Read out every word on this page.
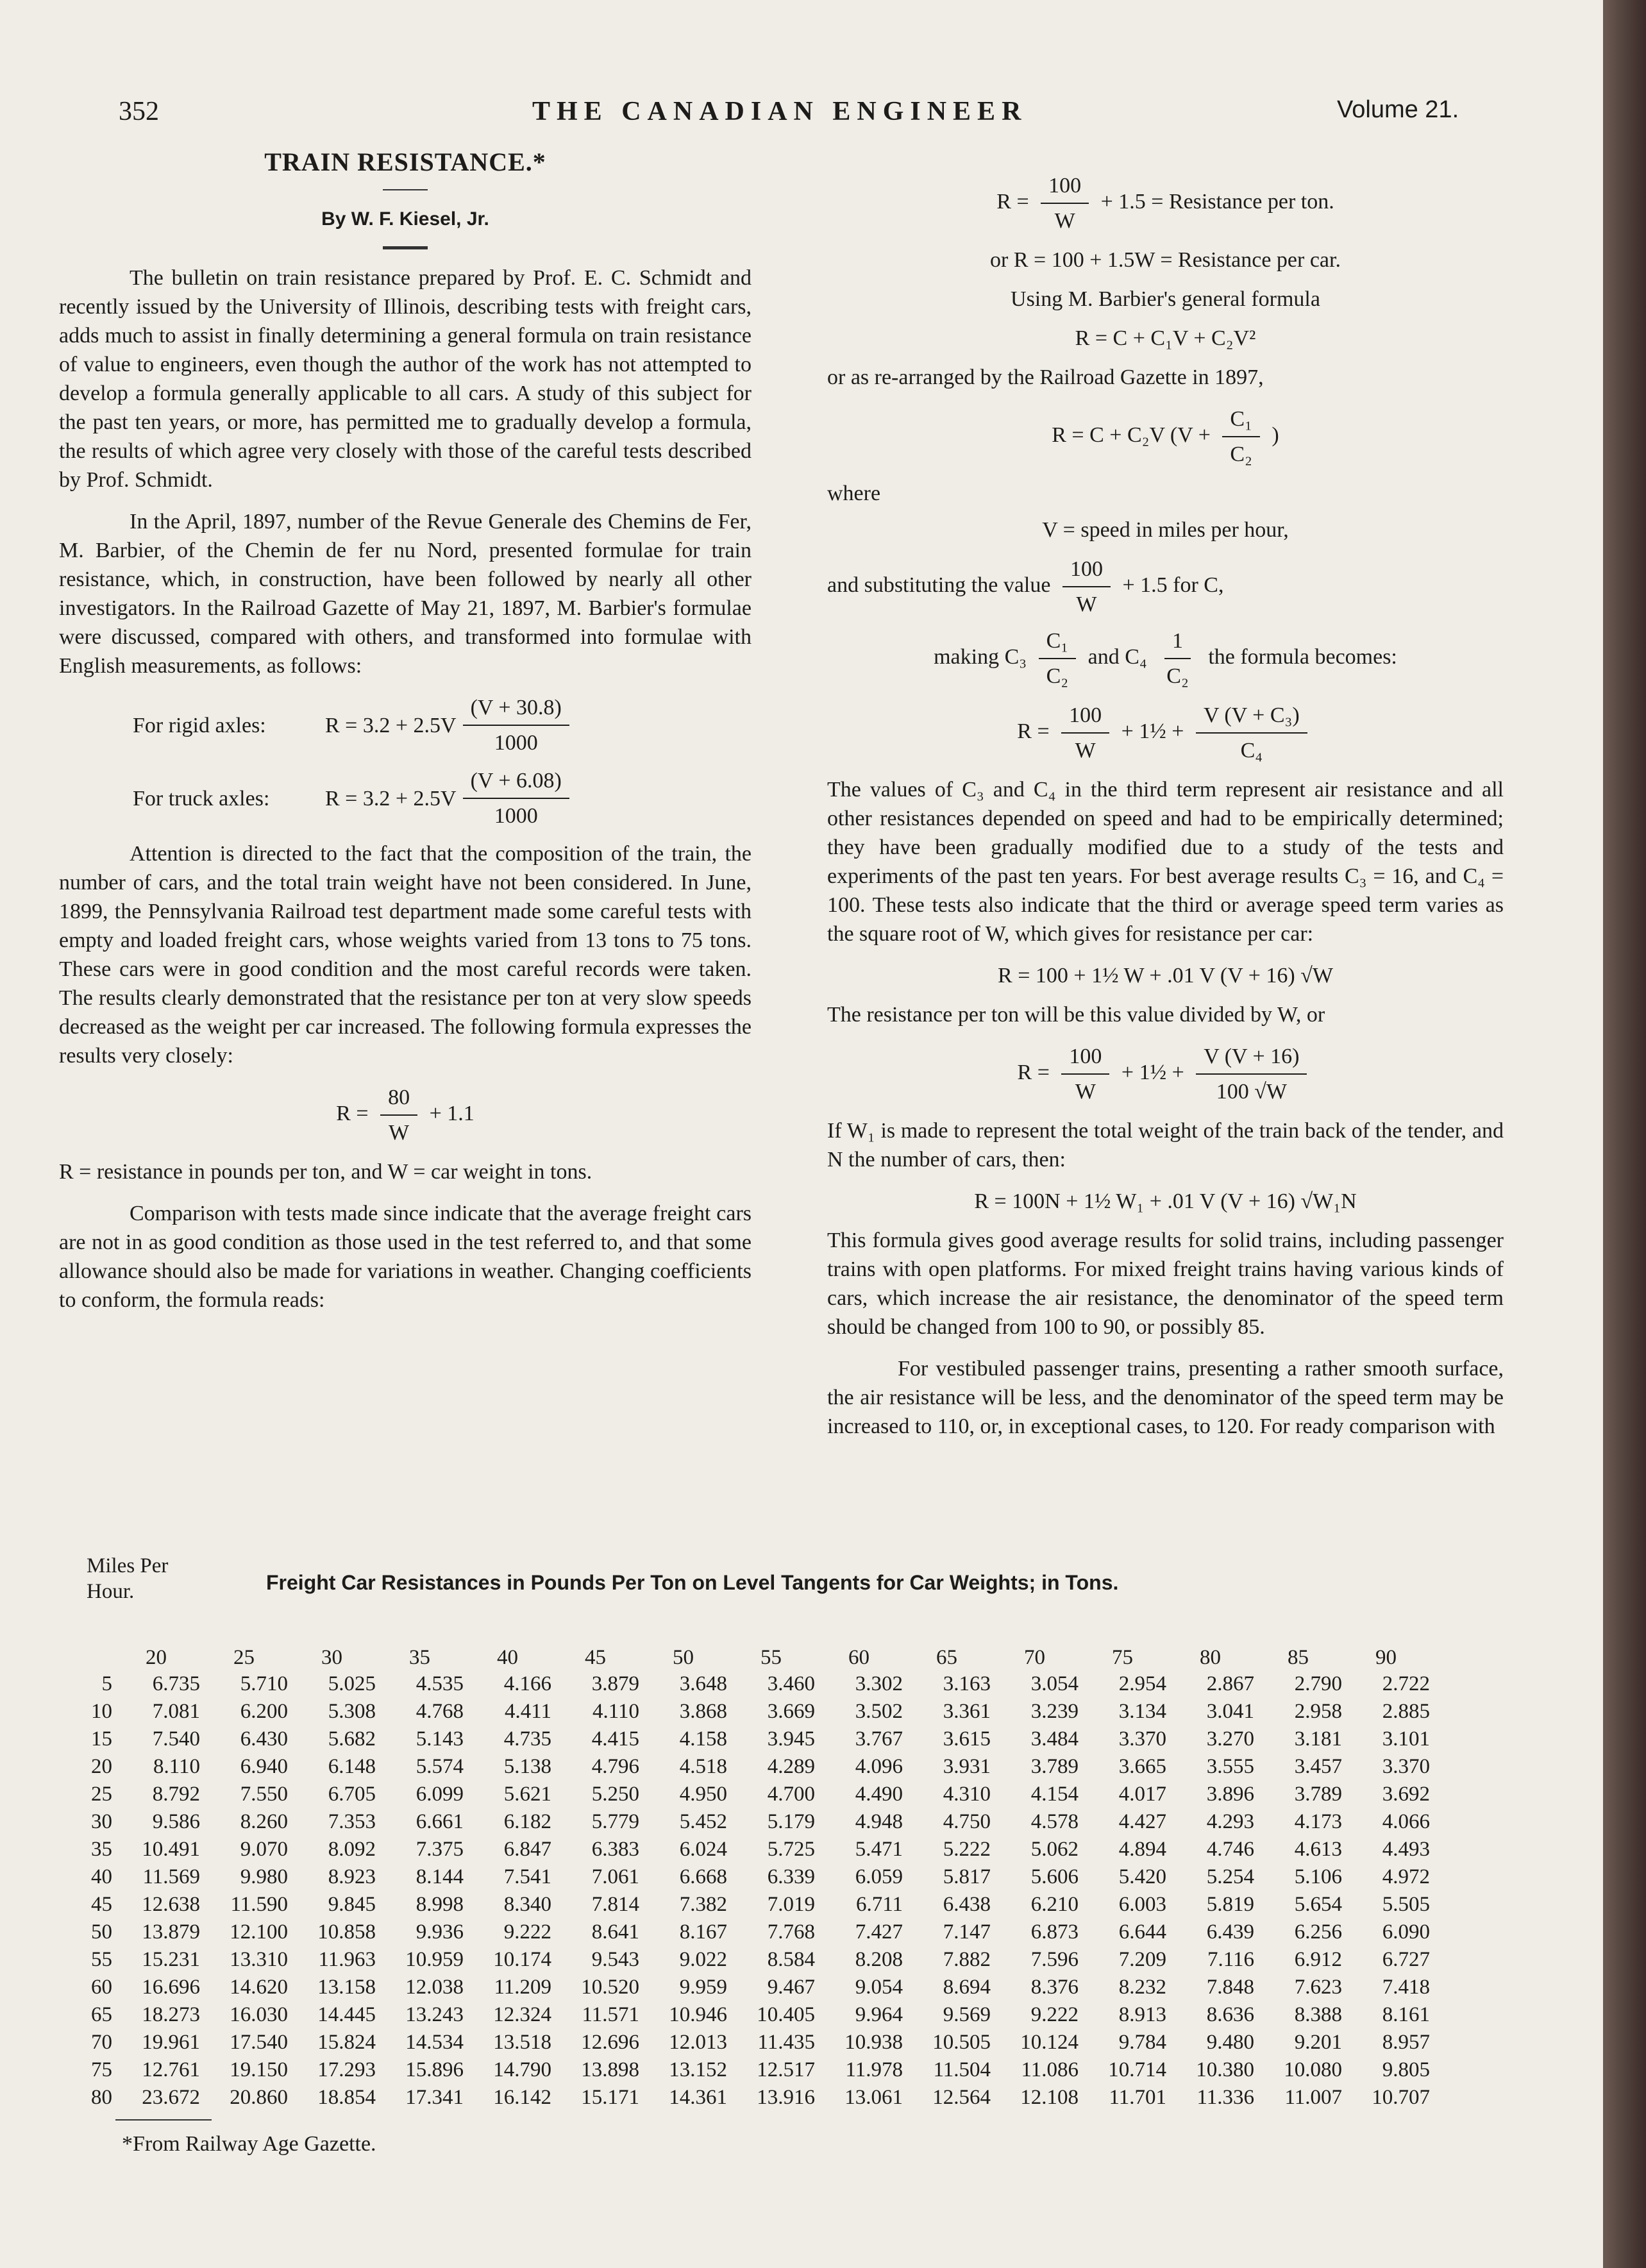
352	THE CANADIAN ENGINEER	Volume 21.
TRAIN RESISTANCE.*
By W. F. Kiesel, Jr.

The bulletin on train resistance prepared by Prof. E. C. Schmidt and recently issued by the University of Illinois, describing tests with freight cars, adds much to assist in finally determining a general formula on train resistance of value to engineers, even though the author of the work has not attempted to develop a formula generally applicable to all cars. A study of this subject for the past ten years, or more, has permitted me to gradually develop a formula, the results of which agree very closely with those of the careful tests described by Prof. Schmidt.

In the April, 1897, number of the Revue Generale des Chemins de Fer, M. Barbier, of the Chemin de fer nu Nord, presented formulae for train resistance, which, in construction, have been followed by nearly all other investigators. In the Railroad Gazette of May 21, 1897, M. Barbier's formulae were discussed, compared with others, and transformed into formulae with English measurements, as follows:

For rigid axles:	$R = 3.2 + 2.5V \frac{(V + 30.8)}{1000}$
For truck axles:	$R = 3.2 + 2.5V \frac{(V + 6.08)}{1000}$

Attention is directed to the fact that the composition of the train, the number of cars, and the total train weight have not been considered. In June, 1899, the Pennsylvania Railroad test department made some careful tests with empty and loaded freight cars, whose weights varied from 13 tons to 75 tons. These cars were in good condition and the most careful records were taken. The results clearly demonstrated that the resistance per ton at very slow speeds decreased as the weight per car increased. The following formula expresses the results very closely:

$R = \frac{80}{W} + 1.1$

R = resistance in pounds per ton, and W = car weight in tons.

Comparison with tests made since indicate that the average freight cars are not in as good condition as those used in the test referred to, and that some allowance should also be made for variations in weather. Changing coefficients to conform, the formula reads:

$R = \frac{100}{W} + 1.5$ = Resistance per ton.
or R = 100 + 1.5W = Resistance per car.
Using M. Barbier's general formula
R = C + C₁V + C₂V²

or as re-arranged by the Railroad Gazette in 1897,

R = C + C₂V ($V + \frac{\text{C₁}}{\text{C₂}}$ )
where
V = speed in miles per hour,
and substituting the value $\frac{100}{W} + 1.5$ for C,
making $C_3 \frac{\text{C₁}}{\text{C₂}}$ and $C_4 \frac{1}{\text{C₂}}$ the formula becomes:
$R = \frac{100}{W}$ + 1½ + $\frac{\text{V (V + C₃)}}{\text{C₄}}$

The values of C₃ and C₄ in the third term represent air resistance and all other resistances depended on speed and had to be empirically determined; they have been gradually modified due to a study of the tests and experiments of the past ten years. For best average results C₃ = 16, and C₄ = 100. These tests also indicate that the third or average speed term varies as the square root of W, which gives for resistance per car:

R = 100 + 1½ W + .01 V (V + 16) √W

The resistance per ton will be this value divided by W, or

$R = \frac{100}{W}$ + 1½ + $\frac{V (V + 16)}{100 √W}$

If W₁ is made to represent the total weight of the train back of the tender, and N the number of cars, then:

R = 100N + 1½ W₁ + .01 V (V + 16) √W₁N

This formula gives good average results for solid trains, including passenger trains with open platforms. For mixed freight trains having various kinds of cars, which increase the air resistance, the denominator of the speed term should be changed from 100 to 90, or possibly 85.

For vestibuled passenger trains, presenting a rather smooth surface, the air resistance will be less, and the denominator of the speed term may be increased to 110, or, in exceptional cases, to 120. For ready comparison with

Miles Per Hour.	Freight Car Resistances in Pounds Per Ton on Level Tangents for Car Weights; in Tons.
	20	25	30	35	40	45	50	55	60	65	70	75	80	85	90
5	6.735	5.710	5.025	4.535	4.166	3.879	3.648	3.460	3.302	3.163	3.054	2.954	2.867	2.790	2.722
10	7.081	6.200	5.308	4.768	4.411	4.110	3.868	3.669	3.502	3.361	3.239	3.134	3.041	2.958	2.885
15	7.540	6.430	5.682	5.143	4.735	4.415	4.158	3.945	3.767	3.615	3.484	3.370	3.270	3.181	3.101
20	8.110	6.940	6.148	5.574	5.138	4.796	4.518	4.289	4.096	3.931	3.789	3.665	3.555	3.457	3.370
25	8.792	7.550	6.705	6.099	5.621	5.250	4.950	4.700	4.490	4.310	4.154	4.017	3.896	3.789	3.692
30	9.586	8.260	7.353	6.661	6.182	5.779	5.452	5.179	4.948	4.750	4.578	4.427	4.293	4.173	4.066
35	10.491	9.070	8.092	7.375	6.847	6.383	6.024	5.725	5.471	5.222	5.062	4.894	4.746	4.613	4.493
40	11.569	9.980	8.923	8.144	7.541	7.061	6.668	6.339	6.059	5.817	5.606	5.420	5.254	5.106	4.972
45	12.638	11.590	9.845	8.998	8.340	7.814	7.382	7.019	6.711	6.438	6.210	6.003	5.819	5.654	5.505
50	13.879	12.100	10.858	9.936	9.222	8.641	8.167	7.768	7.427	7.147	6.873	6.644	6.439	6.256	6.090
55	15.231	13.310	11.963	10.959	10.174	9.543	9.022	8.584	8.208	7.882	7.596	7.209	7.116	6.912	6.727
60	16.696	14.620	13.158	12.038	11.209	10.520	9.959	9.467	9.054	8.694	8.376	8.232	7.848	7.623	7.418
65	18.273	16.030	14.445	13.243	12.324	11.571	10.946	10.405	9.964	9.569	9.222	8.913	8.636	8.388	8.161
70	19.961	17.540	15.824	14.534	13.518	12.696	12.013	11.435	10.938	10.505	10.124	9.784	9.480	9.201	8.957
75	12.761	19.150	17.293	15.896	14.790	13.898	13.152	12.517	11.978	11.504	11.086	10.714	10.380	10.080	9.805
80	23.672	20.860	18.854	17.341	16.142	15.171	14.361	13.916	13.061	12.564	12.108	11.701	11.336	11.007	10.707
*From Railway Age Gazette.
